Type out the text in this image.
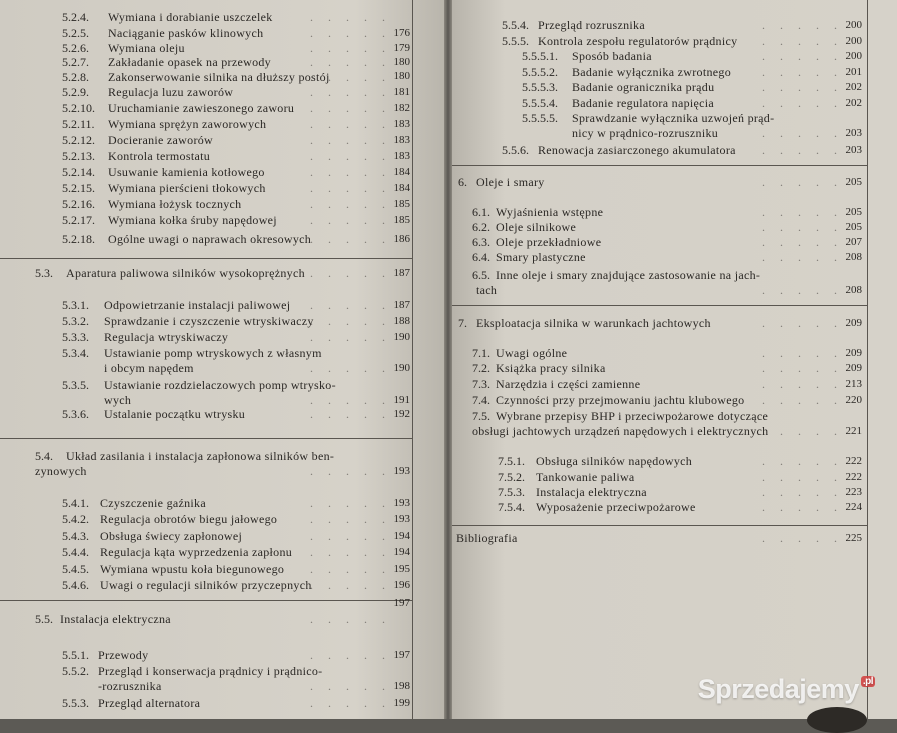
5.2.4. Wymiana i dorabianie uszczelek	. . . . .
5.2.5. Naciąganie pasków klinowych	. . . . . 176
5.2.6. Wymiana oleju	. . . . . 179
5.2.7. Zakładanie opasek na przewody	. . . . . 180
5.2.8. Zakonserwowanie silnika na dłuższy postój
. . . . . 180
5.2.9. Regulacja luzu zaworów	. . . . . 181
5.2.10. Uruchamianie zawieszonego zaworu . . . . . 182
5.2.11. Wymiana sprężyn zaworowych	. . . . . 183
5.2.12. Docieranie zaworów	. . . . . 183
5.2.13. Kontrola termostatu	. . . . . 183
5.2.14. Usuwanie kamienia kotłowego	. . . . . 184
5.2.15. Wymiana pierścieni tłokowych	. . . . . 184
5.2.16. Wymiana łożysk tocznych	. . . . . 185
5.2.17. Wymiana kołka śruby napędowej	. . . . . 185
5.2.18. Ogólne uwagi o naprawach okresowych
. . . . . 186
5.3. Aparatura paliwowa silników wysokoprężnych . . . . . 187
5.3.1. Odpowietrzanie instalacji paliwowej . . . . . 187
5.3.2. Sprawdzanie i czyszczenie wtryskiwaczy
. . . . . 188
5.3.3. Regulacja wtryskiwaczy	. . . . . 190
5.3.4. Ustawianie pomp wtryskowych z własnym
i obcym napędem	. . . . . 190
5.3.5. Ustawianie rozdzielaczowych pomp wtrysko-
wych	. . . . . 191
5.3.6. Ustalanie początku wtrysku	. . . . . 192
5.4. Układ zasilania i instalacja zapłonowa silników ben-
zynowych	. . . . . 193
5.4.1. Czyszczenie gaźnika	. . . . . 193
5.4.2. Regulacja obrotów biegu jałowego	. . . . . 193
5.4.3. Obsługa świecy zapłonowej	. . . . . 194
5.4.4. Regulacja kąta wyprzedzenia zapłonu . . . . . 194
5.4.5. Wymiana wpustu koła biegunowego . . . . . 195
5.4.6. Uwagi o regulacji silników przyczepnych
. . . . . 196
5.5. Instalacja elektryczna	. . . . .
197
5.5.1. Przewody	. . . . . 197
5.5.2. Przegląd i konserwacja prądnicy i prądnico-
-rozrusznika	. . . . . 198
5.5.3. Przegląd alternatora	. . . . . 199
5.5.4. Przegląd rozrusznika	. . . . . 200
5.5.5. Kontrola zespołu regulatorów prądnicy . . . . . 200
5.5.5.1. Sposób badania	. . . . . 200
5.5.5.2. Badanie wyłącznika zwrotnego	. . . . . 201
5.5.5.3. Badanie ogranicznika prądu	. . . . . 202
5.5.5.4. Badanie regulatora napięcia	. . . . . 202
5.5.5.5. Sprawdzanie wyłącznika uzwojeń prąd-
nicy w prądnico-rozruszniku	. . . . . 203
5.5.6. Renowacja zasiarczonego akumulatora . . . . . 203
6. Oleje i smary	. . . . . 205
6.1. Wyjaśnienia wstępne	. . . . . 205
6.2. Oleje silnikowe	. . . . . 205
6.3. Oleje przekładniowe	. . . . . 207
6.4. Smary plastyczne	. . . . . 208
6.5. Inne oleje i smary znajdujące zastosowanie na jach-
tach	. . . . . 208
7. Eksploatacja silnika w warunkach jachtowych	. . . . . 209
7.1. Uwagi ogólne	. . . . . 209
7.2. Książka pracy silnika	. . . . . 209
7.3. Narzędzia i części zamienne	. . . . . 213
7.4. Czynności przy przejmowaniu jachtu klubowego . . . . . 220
7.5. Wybrane przepisy BHP i przeciwpożarowe dotyczące
obsługi jachtowych urządzeń napędowych i elektrycznych
. . . . . 221
7.5.1. Obsługa silników napędowych	. . . . . 222
7.5.2. Tankowanie paliwa	. . . . . 222
7.5.3. Instalacja elektryczna	. . . . . 223
7.5.4. Wyposażenie przeciwpożarowe	. . . . . 224
Bibliografia	. . . . . 225
Sprzedajemy .pl
